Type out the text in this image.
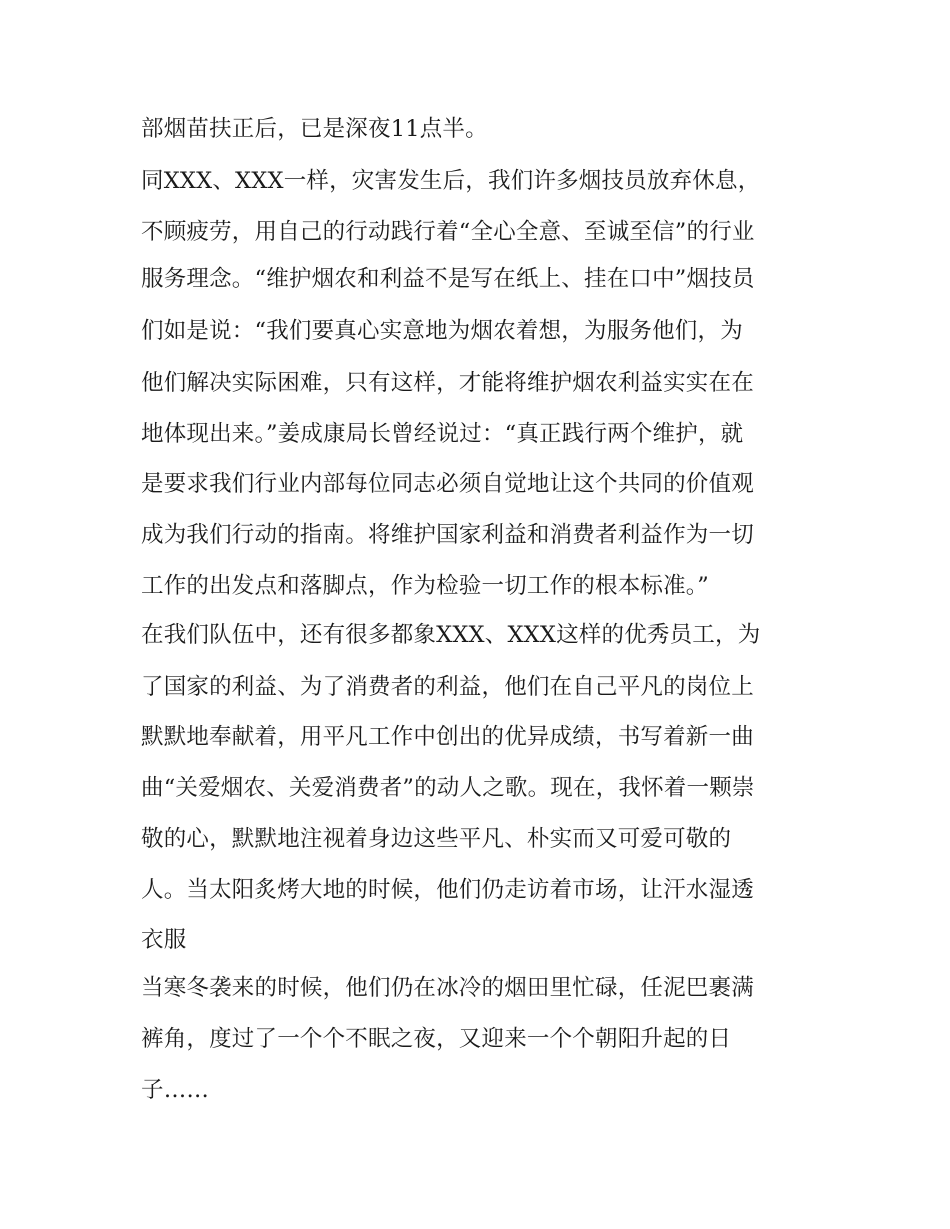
部烟苗扶正后，已是深夜11点半。
同XXX、XXX一样，灾害发生后，我们许多烟技员放弃休息，
不顾疲劳，用自己的行动践行着“全心全意、至诚至信”的行业
服务理念。“维护烟农和利益不是写在纸上、挂在口中”烟技员
们如是说：“我们要真心实意地为烟农着想，为服务他们，为
他们解决实际困难，只有这样，才能将维护烟农利益实实在在
地体现出来。”姜成康局长曾经说过：“真正践行两个维护，就
是要求我们行业内部每位同志必须自觉地让这个共同的价值观
成为我们行动的指南。将维护国家利益和消费者利益作为一切
工作的出发点和落脚点，作为检验一切工作的根本标准。”
在我们队伍中，还有很多都象XXX、XXX这样的优秀员工，为
了国家的利益、为了消费者的利益，他们在自己平凡的岗位上
默默地奉献着，用平凡工作中创出的优异成绩，书写着新一曲
曲“关爱烟农、关爱消费者”的动人之歌。现在，我怀着一颗崇
敬的心，默默地注视着身边这些平凡、朴实而又可爱可敬的
人。当太阳炙烤大地的时候，他们仍走访着市场，让汗水湿透
衣服
当寒冬袭来的时候，他们仍在冰冷的烟田里忙碌，任泥巴裹满
裤角，度过了一个个不眠之夜，又迎来一个个朝阳升起的日
子……
